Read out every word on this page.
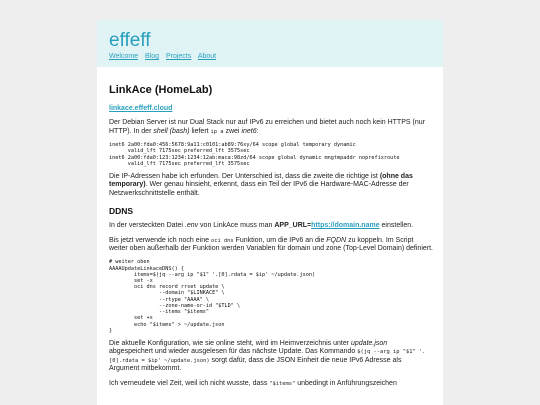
effeff
Welcome Blog Projects About
LinkAce (HomeLab)

linkace.effeff.cloud

Der Debian Server ist nur Dual Stack nur auf IPv6 zu erreichen und bietet auch noch kein HTTPS (nur HTTP). In der shell (bash) liefert ip a zwei inet6:

inet6 2a00:fda0:456:5678:9a11:c0101:ab89:76xy/64 scope global temporary dynamic
valid_lft 7175sec preferred_lft 3575sec
inet6 2a00:fda0:123:1234:1234:12ab:maca:98zd/64 scope global dynamic mngtmpaddr noprefixroute
valid_lft 7175sec preferred_lft 3575sec

Die IP-Adressen habe ich erfunden. Der Unterschied ist, dass die zweite die richtige ist (ohne das temporary). Wer genau hinsieht, erkennt, dass ein Teil der IPv6 die Hardware-MAC-Adresse der Netzwerkschnittstelle enthält.

DDNS

In der versteckten Datei .env von LinkAce muss man APP_URL=https://domain.name einstellen.

Bis jetzt verwende ich noch eine oci dns Funktion, um die IPv6 an die FQDN zu koppeln. Im Script weiter oben außerhalb der Funktion werden Variablen für domain und zone (Top-Level Domain) definiert.

# weiter oben
AAAAUpdateLinkaceDNS() {
items=$(jq --arg ip "$1" '.[0].rdata = $ip' ~/update.json)
set -x
oci dns record rrset update \
--domain "$LINKACE" \
--rtype "AAAA" \
--zone-name-or-id "$TLD" \
--items "$items"
set +x
echo "$items" > ~/update.json
}

Die aktuelle Konfiguration, wie sie online steht, wird im Heimverzeichnis unter update.json abgespeichert und wieder ausgelesen für das nächste Update. Das Kommando $(jq --arg ip "$1" '.[0].rdata = $ip' ~/update.json) sorgt dafür, dass die JSON Einheit die neue IPv6 Adresse als Argument mitbekommt.

Ich verneudete viel Zeit, weil ich nicht wusste, dass "$items" unbedingt in Anführungszeichen
